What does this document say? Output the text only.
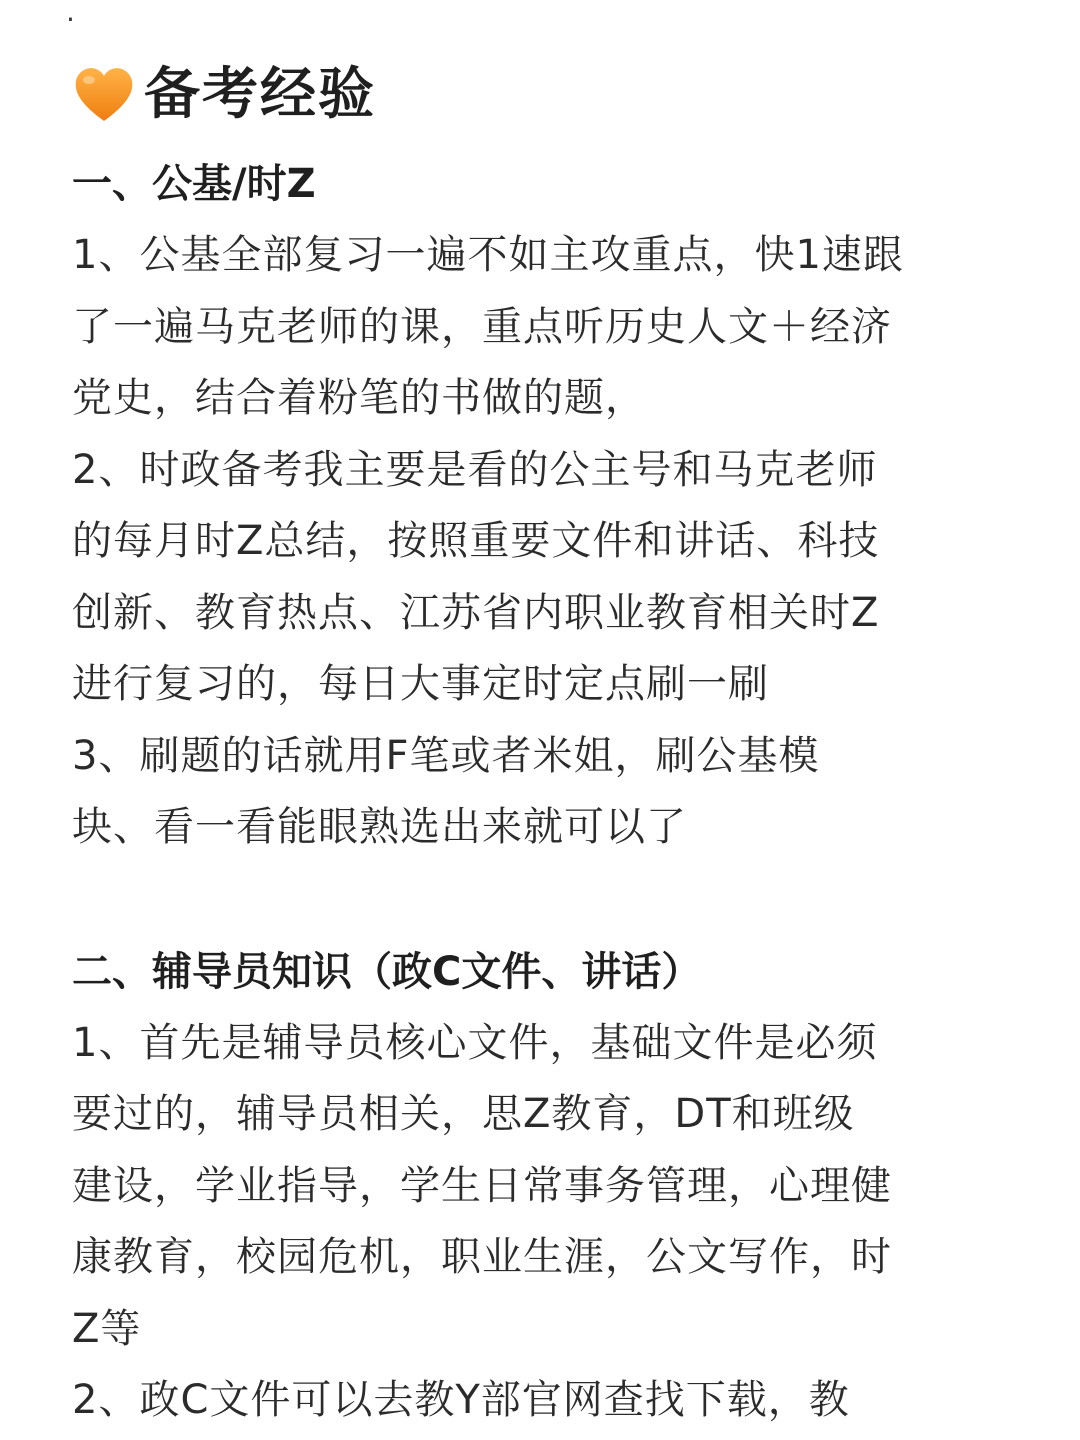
·
备考经验
一、公基/时Z
1、公基全部复习一遍不如主攻重点，快1速跟
了一遍马克老师的课，重点听历史人文＋经济
党史，结合着粉笔的书做的题，
2、时政备考我主要是看的公主号和马克老师
的每月时Z总结，按照重要文件和讲话、科技
创新、教育热点、江苏省内职业教育相关时Z
进行复习的，每日大事定时定点刷一刷
3、刷题的话就用F笔或者米姐，刷公基模
块、看一看能眼熟选出来就可以了
二、辅导员知识（政C文件、讲话）
1、首先是辅导员核心文件，基础文件是必须
要过的，辅导员相关，思Z教育，DT和班级
建设，学业指导，学生日常事务管理，心理健
康教育，校园危机，职业生涯，公文写作，时
Z等
2、政C文件可以去教Y部官网查找下载，教
